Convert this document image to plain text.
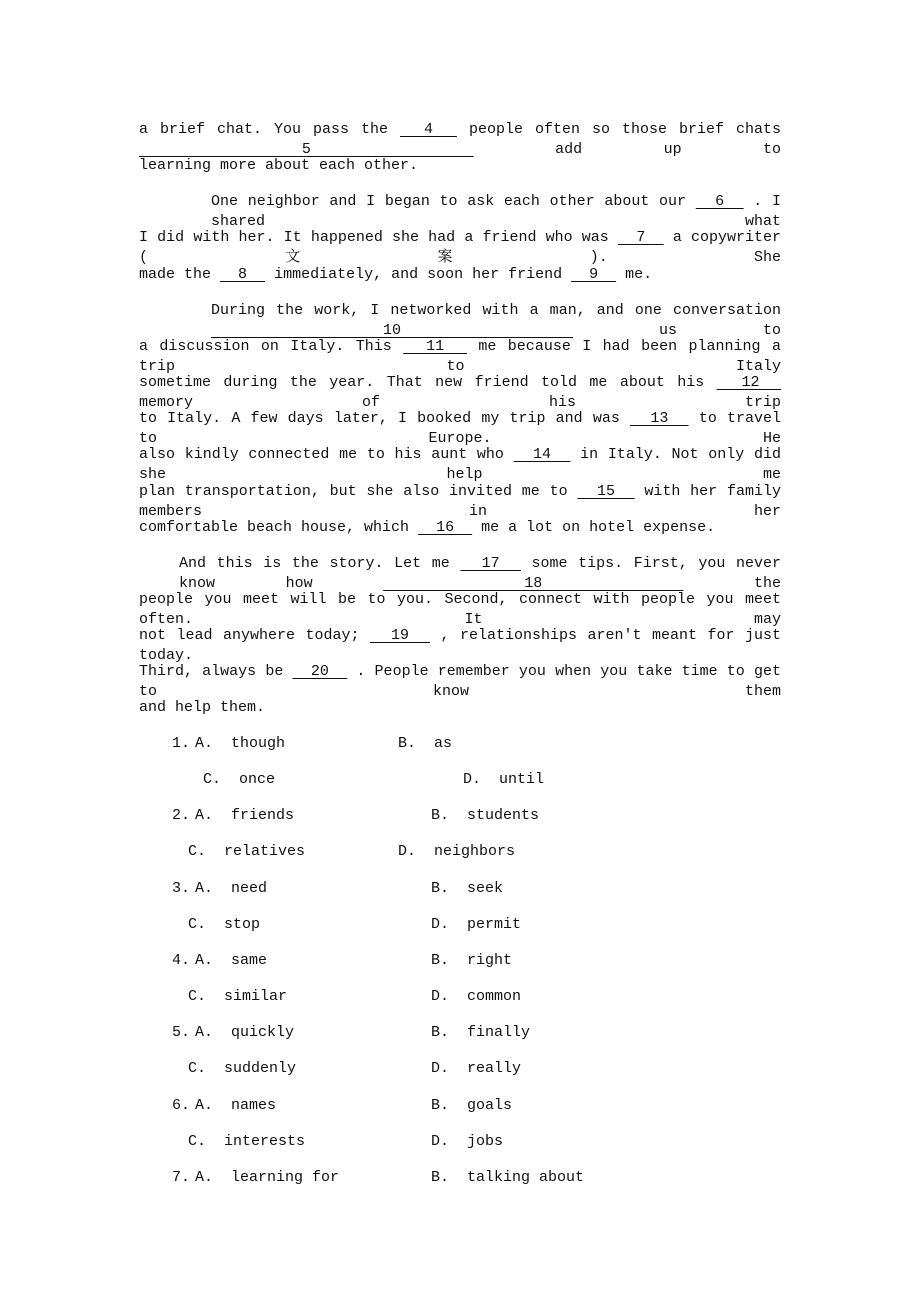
a brief chat. You pass the   4   people often so those brief chats   5	add up to
learning more about each other.
One neighbor and I began to ask each other about our   6   . I shared what
I did with her. It happened she had a friend who was   7   a copywriter (文案). She
made the   8   immediately, and soon her friend   9   me.
During the work, I networked with a man, and one conversation   10	us to
a discussion on Italy. This   11   me because I had been planning a trip to Italy
sometime during the year. That new friend told me about his   12   memory of his trip
to Italy. A few days later, I booked my trip and was   13   to travel to Europe. He
also kindly connected me to his aunt who   14   in Italy. Not only did she help me
plan transportation, but she also invited me to   15   with her family members in her
comfortable beach house, which   16   me a lot on hotel expense.
And this is the story. Let me   17   some tips. First, you never know how	18	the
people you meet will be to you. Second, connect with people you meet often. It may
not lead anywhere today;   19   , relationships aren't meant for just today.
Third, always be   20   . People remember you when you take time to get to know them
and help them.
1. A.  though	B.  as
C.  once	D.  until
2. A.  friends	B.  students
C.  relatives	D.  neighbors
3. A.  need	B.  seek
C.  stop	D.  permit
4. A.  same	B.  right
C.  similar	D.  common
5. A.  quickly	B.  finally
C.  suddenly	D.  really
6. A.  names	B.  goals
C.  interests	D.  jobs
7. A.  learning for	B.  talking about
